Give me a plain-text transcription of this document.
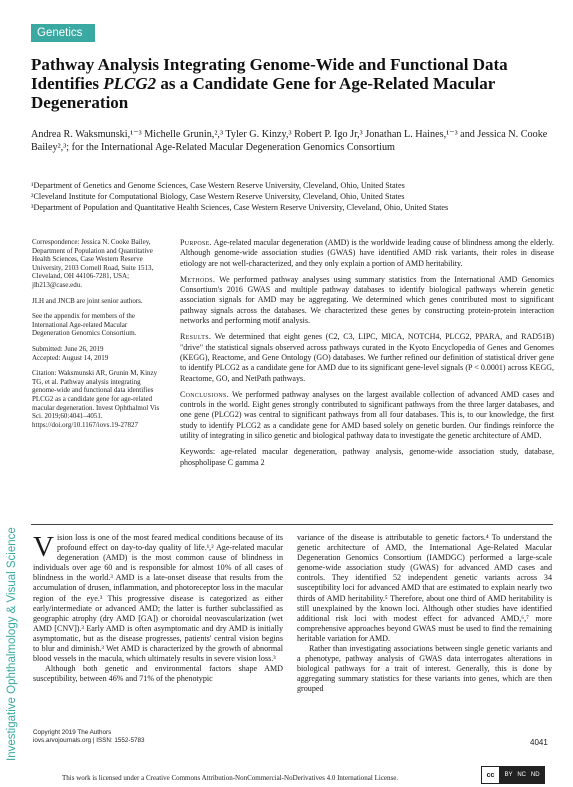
Genetics
Pathway Analysis Integrating Genome-Wide and Functional Data Identifies PLCG2 as a Candidate Gene for Age-Related Macular Degeneration
Andrea R. Waksmunski,¹⁻³ Michelle Grunin,²,³ Tyler G. Kinzy,³ Robert P. Igo Jr,³ Jonathan L. Haines,¹⁻³ and Jessica N. Cooke Bailey²,³; for the International Age-Related Macular Degeneration Genomics Consortium
¹Department of Genetics and Genome Sciences, Case Western Reserve University, Cleveland, Ohio, United States
²Cleveland Institute for Computational Biology, Case Western Reserve University, Cleveland, Ohio, United States
³Department of Population and Quantitative Health Sciences, Case Western Reserve University, Cleveland, Ohio, United States
Investigative Ophthalmology & Visual Science

Correspondence: Jessica N. Cooke Bailey, Department of Population and Quantitative Health Sciences, Case Western Reserve University, 2103 Cornell Road, Suite 1513, Cleveland, OH 44106-7281, USA; jlh213@case.edu.

JLH and JNCB are joint senior authors.

See the appendix for members of the International Age-related Macular Degeneration Genomics Consortium.

Submitted: June 26, 2019
Accepted: August 14, 2019

Citation: Waksmunski AR, Grunin M, Kinzy TG, et al. Pathway analysis integrating genome-wide and functional data identifies PLCG2 as a candidate gene for age-related macular degeneration. Invest Ophthalmol Vis Sci. 2019;60:4041–4051. https://doi.org/10.1167/iovs.19-27827

Purpose. Age-related macular degeneration (AMD) is the worldwide leading cause of blindness among the elderly. Although genome-wide association studies (GWAS) have identified AMD risk variants, their roles in disease etiology are not well-characterized, and they only explain a portion of AMD heritability.

Methods. We performed pathway analyses using summary statistics from the International AMD Genomics Consortium's 2016 GWAS and multiple pathway databases to identify biological pathways wherein genetic association signals for AMD may be aggregating. We determined which genes contributed most to significant pathway signals across the databases. We characterized these genes by constructing protein-protein interaction networks and performing motif analysis.

Results. We determined that eight genes (C2, C3, LIPC, MICA, NOTCH4, PLCG2, PPARA, and RAD51B) "drive" the statistical signals observed across pathways curated in the Kyoto Encyclopedia of Genes and Genomes (KEGG), Reactome, and Gene Ontology (GO) databases. We further refined our definition of statistical driver gene to identify PLCG2 as a candidate gene for AMD due to its significant gene-level signals (P < 0.0001) across KEGG, Reactome, GO, and NetPath pathways.

Conclusions. We performed pathway analyses on the largest available collection of advanced AMD cases and controls in the world. Eight genes strongly contributed to significant pathways from the three larger databases, and one gene (PLCG2) was central to significant pathways from all four databases. This is, to our knowledge, the first study to identify PLCG2 as a candidate gene for AMD based solely on genetic burden. Our findings reinforce the utility of integrating in silico genetic and biological pathway data to investigate the genetic architecture of AMD.

Keywords: age-related macular degeneration, pathway analysis, genome-wide association study, database, phospholipase C gamma 2

Vision loss is one of the most feared medical conditions because of its profound effect on day-to-day quality of life.¹,² Age-related macular degeneration (AMD) is the most common cause of blindness in individuals over age 60 and is responsible for almost 10% of all cases of blindness in the world.³ AMD is a late-onset disease that results from the accumulation of drusen, inflammation, and photoreceptor loss in the macular region of the eye.³ This progressive disease is categorized as either early/intermediate or advanced AMD; the latter is further subclassified as geographic atrophy (dry AMD [GA]) or choroidal neovascularization (wet AMD [CNV]).³ Early AMD is often asymptomatic and dry AMD is initially asymptomatic, but as the disease progresses, patients' central vision begins to blur and diminish.³ Wet AMD is characterized by the growth of abnormal blood vessels in the macula, which ultimately results in severe vision loss.³

Although both genetic and environmental factors shape AMD susceptibility, between 46% and 71% of the phenotypic

variance of the disease is attributable to genetic factors.⁴ To understand the genetic architecture of AMD, the International Age-Related Macular Degeneration Genomics Consortium (IAMDGC) performed a large-scale genome-wide association study (GWAS) for advanced AMD cases and controls. They identified 52 independent genetic variants across 34 susceptibility loci for advanced AMD that are estimated to explain nearly two thirds of AMD heritability.⁵ Therefore, about one third of AMD heritability is still unexplained by the known loci. Although other studies have identified additional risk loci with modest effect for advanced AMD,⁶,⁷ more comprehensive approaches beyond GWAS must be used to find the remaining heritable variation for AMD.

Rather than investigating associations between single genetic variants and a phenotype, pathway analysis of GWAS data interrogates alterations in biological pathways for a trait of interest. Generally, this is done by aggregating summary statistics for these variants into genes, which are then grouped

Copyright 2019 The Authors
iovs.arvojournals.org | ISSN: 1552-5783	4041
This work is licensed under a Creative Commons Attribution-NonCommercial-NoDerivatives 4.0 International License.	cc	BY NC ND
